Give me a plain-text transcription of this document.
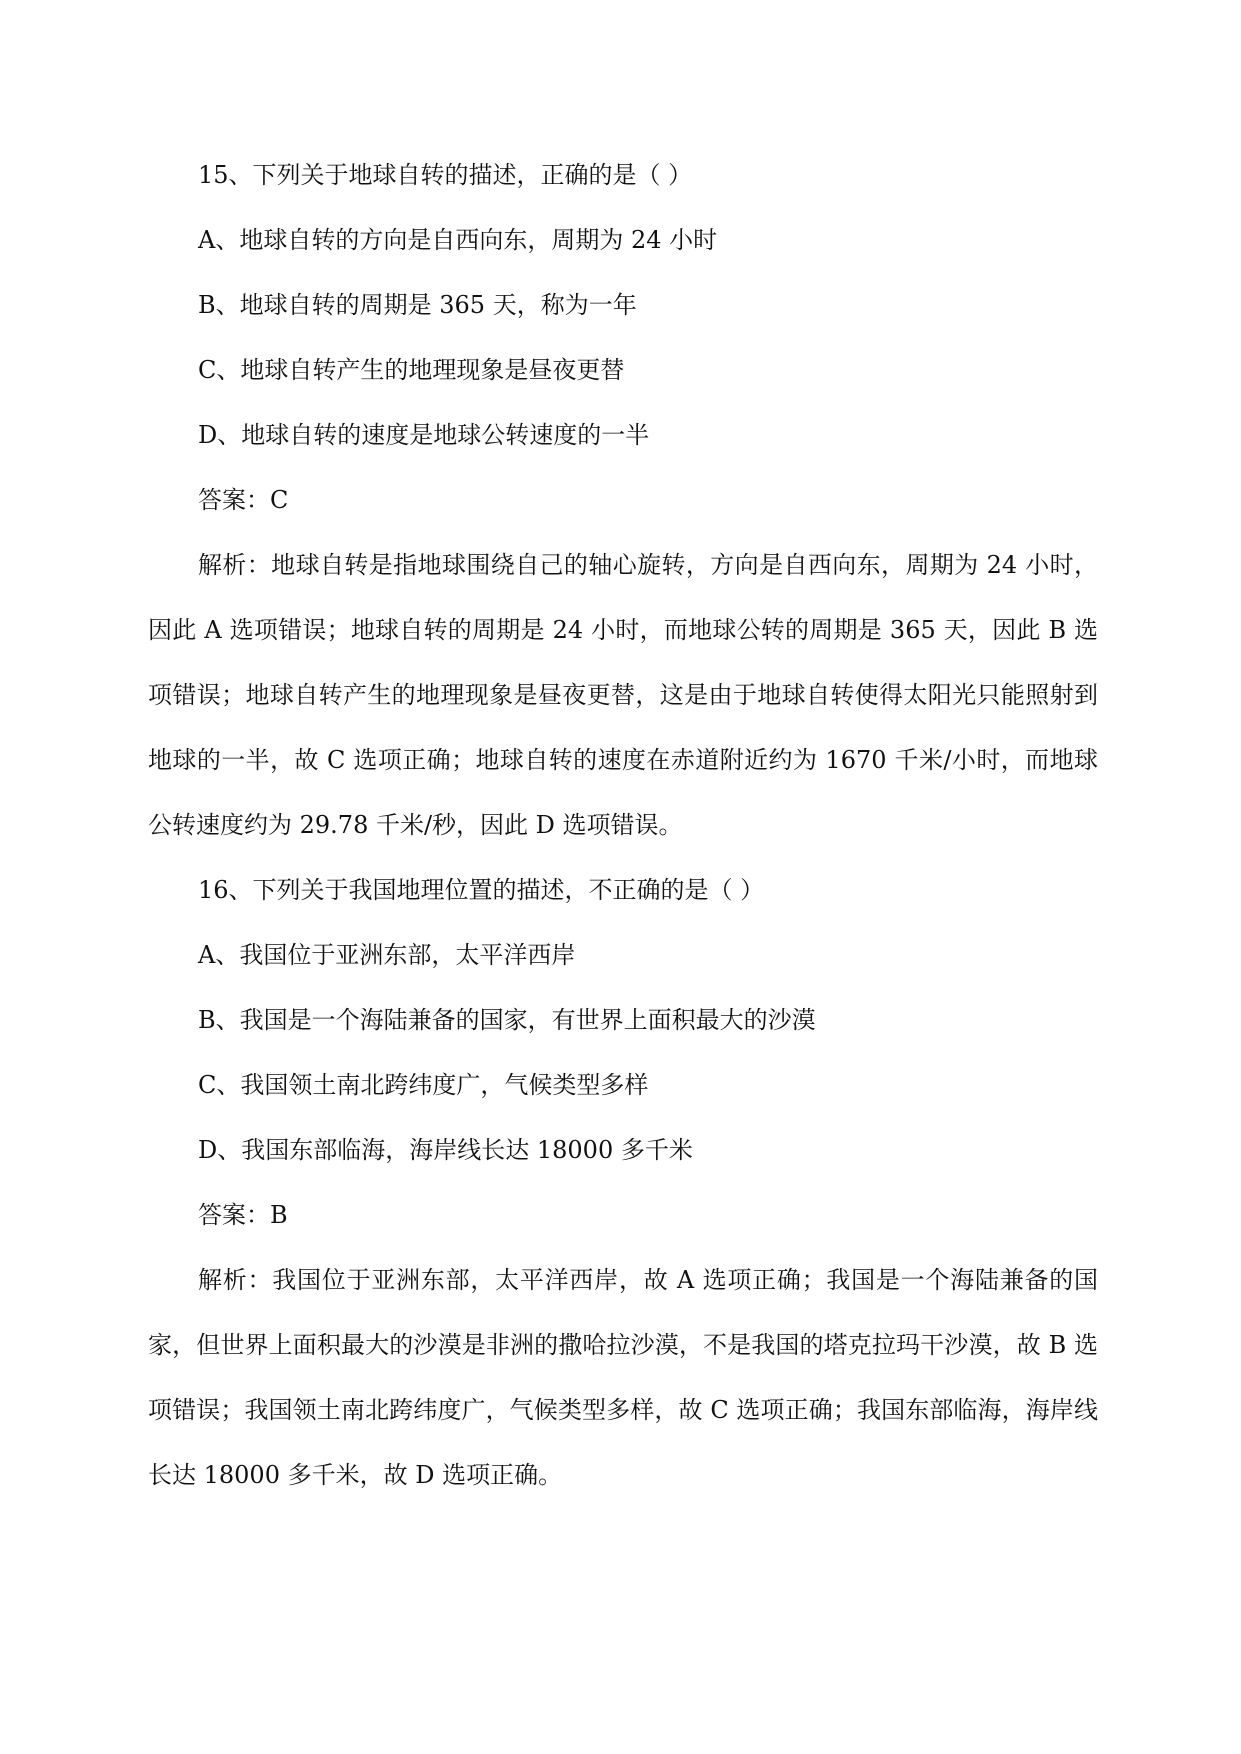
15、下列关于地球自转的描述，正确的是（ ）

A、地球自转的方向是自西向东，周期为 24 小时

B、地球自转的周期是 365 天，称为一年

C、地球自转产生的地理现象是昼夜更替

D、地球自转的速度是地球公转速度的一半

答案：C

解析：地球自转是指地球围绕自己的轴心旋转，方向是自西向东，周期为 24 小时，因此 A 选项错误；地球自转的周期是 24 小时，而地球公转的周期是 365 天，因此 B 选项错误；地球自转产生的地理现象是昼夜更替，这是由于地球自转使得太阳光只能照射到地球的一半，故 C 选项正确；地球自转的速度在赤道附近约为 1670 千米/小时，而地球公转速度约为 29.78 千米/秒，因此 D 选项错误。

16、下列关于我国地理位置的描述，不正确的是（ ）

A、我国位于亚洲东部，太平洋西岸

B、我国是一个海陆兼备的国家，有世界上面积最大的沙漠

C、我国领土南北跨纬度广，气候类型多样

D、我国东部临海，海岸线长达 18000 多千米

答案：B

解析：我国位于亚洲东部，太平洋西岸，故 A 选项正确；我国是一个海陆兼备的国家，但世界上面积最大的沙漠是非洲的撒哈拉沙漠，不是我国的塔克拉玛干沙漠，故 B 选项错误；我国领土南北跨纬度广，气候类型多样，故 C 选项正确；我国东部临海，海岸线长达 18000 多千米，故 D 选项正确。
